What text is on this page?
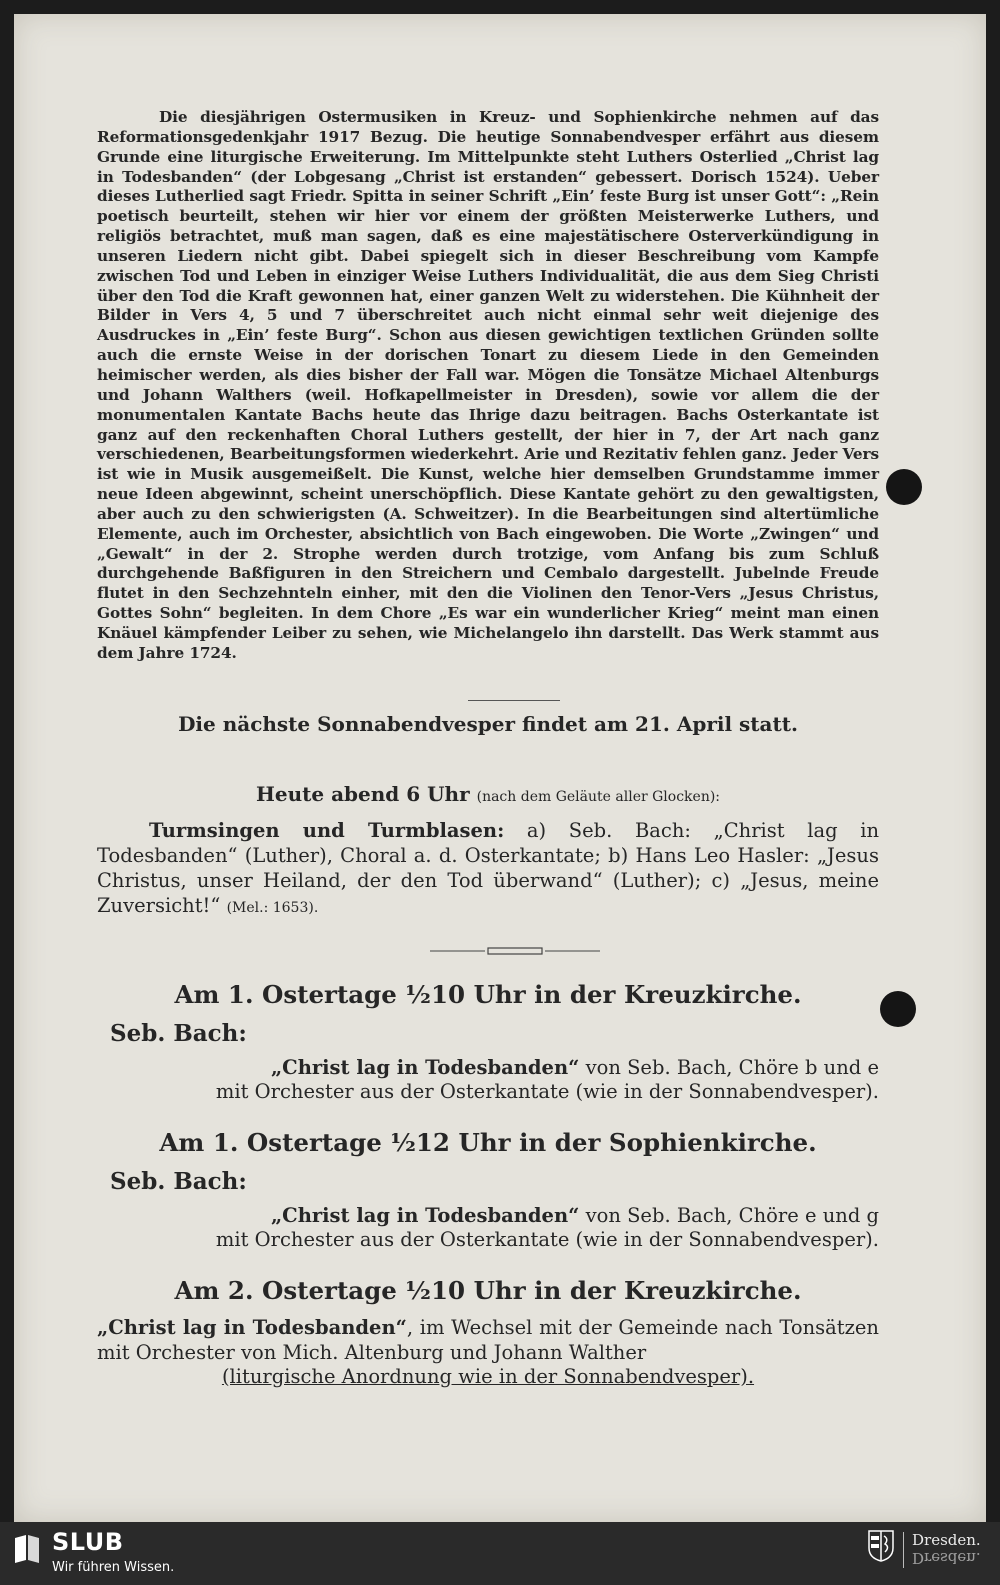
Die diesjährigen Ostermusiken in Kreuz- und Sophienkirche nehmen auf das Reformationsgedenkjahr 1917 Bezug. Die heutige Sonnabendvesper erfährt aus diesem Grunde eine liturgische Erweiterung. Im Mittelpunkte steht Luthers Osterlied „Christ lag in Todesbanden“ (der Lobgesang „Christ ist erstanden“ gebessert. Dorisch 1524). Ueber dieses Lutherlied sagt Friedr. Spitta in seiner Schrift „Ein’ feste Burg ist unser Gott“: „Rein poetisch beurteilt, stehen wir hier vor einem der größten Meisterwerke Luthers, und religiös betrachtet, muß man sagen, daß es eine majestätischere Osterverkündigung in unseren Liedern nicht gibt. Dabei spiegelt sich in dieser Beschreibung vom Kampfe zwischen Tod und Leben in einziger Weise Luthers Individualität, die aus dem Sieg Christi über den Tod die Kraft gewonnen hat, einer ganzen Welt zu widerstehen. Die Kühnheit der Bilder in Vers 4, 5 und 7 überschreitet auch nicht einmal sehr weit diejenige des Ausdruckes in „Ein’ feste Burg“. Schon aus diesen gewichtigen textlichen Gründen sollte auch die ernste Weise in der dorischen Tonart zu diesem Liede in den Gemeinden heimischer werden, als dies bisher der Fall war. Mögen die Tonsätze Michael Altenburgs und Johann Walthers (weil. Hofkapellmeister in Dresden), sowie vor allem die der monumentalen Kantate Bachs heute das Ihrige dazu beitragen. Bachs Osterkantate ist ganz auf den reckenhaften Choral Luthers gestellt, der hier in 7, der Art nach ganz verschiedenen, Bearbeitungsformen wiederkehrt. Arie und Rezitativ fehlen ganz. Jeder Vers ist wie in Musik ausgemeißelt. Die Kunst, welche hier demselben Grundstamme immer neue Ideen abgewinnt, scheint unerschöpflich. Diese Kantate gehört zu den gewaltigsten, aber auch zu den schwierigsten (A. Schweitzer). In die Bearbeitungen sind altertümliche Elemente, auch im Orchester, absichtlich von Bach eingewoben. Die Worte „Zwingen“ und „Gewalt“ in der 2. Strophe werden durch trotzige, vom Anfang bis zum Schluß durchgehende Baßfiguren in den Streichern und Cembalo dargestellt. Jubelnde Freude flutet in den Sechzehnteln einher, mit den die Violinen den Tenor-Vers „Jesus Christus, Gottes Sohn“ begleiten. In dem Chore „Es war ein wunderlicher Krieg“ meint man einen Knäuel kämpfender Leiber zu sehen, wie Michelangelo ihn darstellt. Das Werk stammt aus dem Jahre 1724.

Die nächste Sonnabendvesper findet am 21. April statt.
Heute abend 6 Uhr (nach dem Geläute aller Glocken):
Turmsingen und Turmblasen: a) Seb. Bach: „Christ lag in Todesbanden“ (Luther), Choral a. d. Osterkantate; b) Hans Leo Hasler: „Jesus Christus, unser Heiland, der den Tod überwand“ (Luther); c) „Jesus, meine Zuversicht!“ (Mel.: 1653).
Am 1. Ostertage ½10 Uhr in der Kreuzkirche.
Seb. Bach:
„Christ lag in Todesbanden“ von Seb. Bach, Chöre b und e
mit Orchester aus der Osterkantate (wie in der Sonnabendvesper).
Am 1. Ostertage ½12 Uhr in der Sophienkirche.
Seb. Bach:
„Christ lag in Todesbanden“ von Seb. Bach, Chöre e und g
mit Orchester aus der Osterkantate (wie in der Sonnabendvesper).
Am 2. Ostertage ½10 Uhr in der Kreuzkirche.
„Christ lag in Todesbanden“, im Wechsel mit der Gemeinde nach Tonsätzen mit Orchester von Mich. Altenburg und Johann Walther
(liturgische Anordnung wie in der Sonnabendvesper).
SLUB
Wir führen Wissen.
Dresden.
Dresden.
